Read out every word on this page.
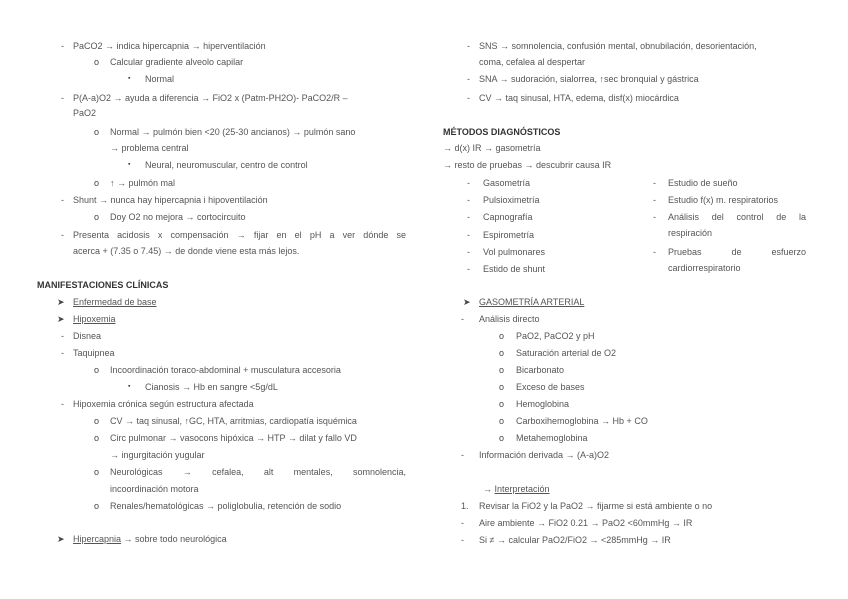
- PaCO2 → indica hipercapnia → hiperventilación
o Calcular gradiente alveolo capilar
▪ Normal
- P(A-a)O2 → ayuda a diferencia → FiO2 x (Patm-PH2O)- PaCO2/R –
PaO2
o Normal → pulmón bien <20 (25-30 ancianos) → pulmón sano
→ problema central
▪ Neural, neuromuscular, centro de control
o ↑ → pulmón mal
- Shunt → nunca hay hipercapnia i hipoventilación
o Doy O2 no mejora → cortocircuito
- Presenta acidosis x compensación → fijar en el pH a ver dónde se
acerca + (7.35 o 7.45) → de donde viene esta más lejos.
MANIFESTACIONES CLÍNICAS
➤ Enfermedad de base
➤ Hipoxemia
- Disnea
- Taquipnea
o Incoordinación toraco-abdominal + musculatura accesoria
▪ Cianosis → Hb en sangre <5g/dL
- Hipoxemia crónica según estructura afectada
o CV → taq sinusal, ↑GC, HTA, arritmias, cardiopatía isquémica
o Circ pulmonar → vasocons hipóxica → HTP → dilat y fallo VD
→ ingurgitación yugular
o Neurológicas → cefalea, alt mentales, somnolencia,
incoordinación motora
o Renales/hematológicas → poliglobulia, retención de sodio
➤ Hipercapnia → sobre todo neurológica
- SNS → somnolencia, confusión mental, obnubilación, desorientación,
coma, cefalea al despertar
- SNA → sudoración, sialorrea, ↑sec bronquial y gástrica
- CV → taq sinusal, HTA, edema, disf(x) miocárdica
MÉTODOS DIAGNÓSTICOS
→ d(x) IR → gasometría
→ resto de pruebas → descubrir causa IR
- Gasometría
- Pulsioximetría
- Capnografía
- Espirometría
- Vol pulmonares
- Estido de shunt
- Estudio de sueño
- Estudio f(x) m. respiratorios
- Análisis del control de la
respiración
- Pruebas de esfuerzo
cardiorrespiratorio
➤ GASOMETRÍA ARTERIAL
- Análisis directo
o PaO2, PaCO2 y pH
o Saturación arterial de O2
o Bicarbonato
o Exceso de bases
o Hemoglobina
o Carboxihemoglobina → Hb + CO
o Metahemoglobina
- Información derivada → (A-a)O2
→ Interpretación
1. Revisar la FiO2 y la PaO2 → fijarme si está ambiente o no
- Aire ambiente → FiO2 0.21 → PaO2 <60mmHg → IR
- Si ≠ → calcular PaO2/FiO2 → <285mmHg → IR
